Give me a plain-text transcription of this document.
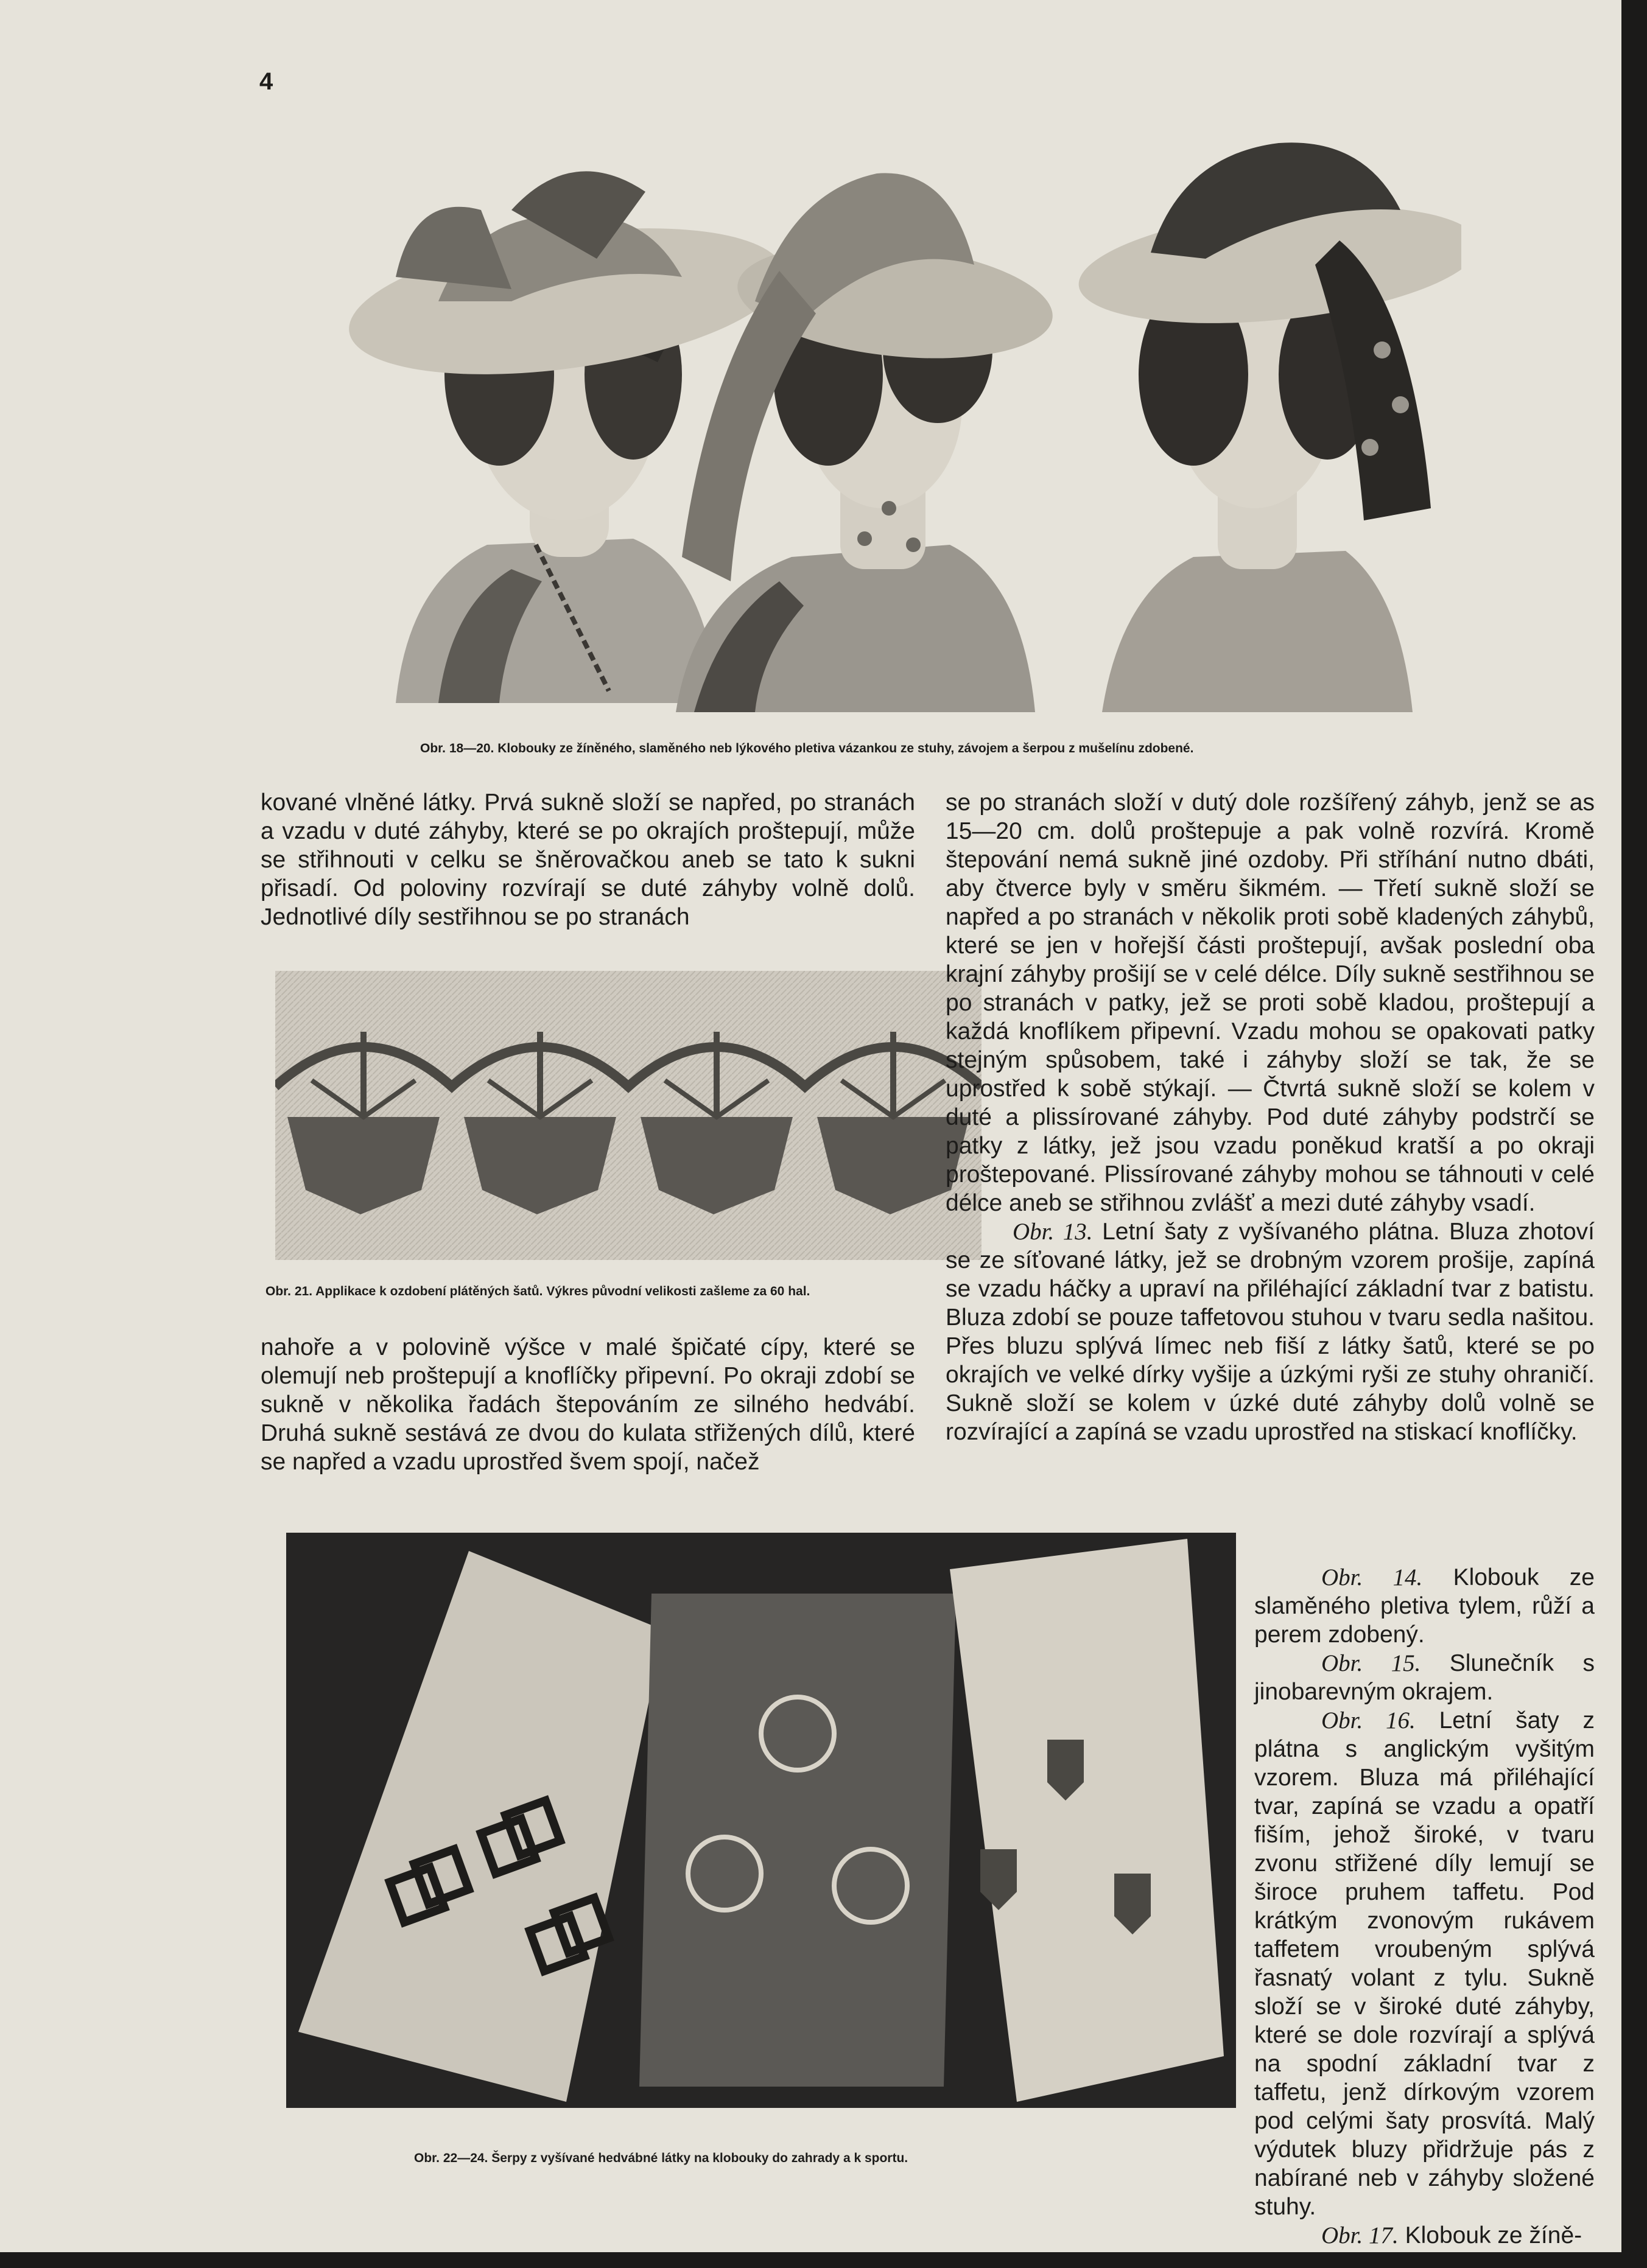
4
Obr. 18—20. Klobouky ze žíněného, slaměného neb lýkového pletiva vázankou ze stuhy, závojem a šerpou z mušelínu zdobené.

kované vlněné látky. Prvá sukně složí se napřed, po stranách a vzadu v duté záhyby, které se po okrajích proštepují, může se střihnouti v celku se šněrovačkou aneb se tato k sukni přisadí. Od poloviny rozvírají se duté záhyby volně dolů. Jednotlivé díly sestřihnou se po stranách

Obr. 21. Applikace k ozdobení plátěných šatů. Výkres původní velikosti zašleme za 60 hal.

nahoře a v polovině výšce v malé špičaté cípy, které se olemují neb proštepují a knoflíčky připevní. Po okraji zdobí se sukně v několika řadách štepováním ze silného hedvábí. Druhá sukně sestává ze dvou do kulata střižených dílů, které se napřed a vzadu uprostřed švem spojí, načež

Obr. 22—24. Šerpy z vyšívané hedvábné látky na klobouky do zahrady a k sportu.

se po stranách složí v dutý dole rozšířený záhyb, jenž se as 15—20 cm. dolů proštepuje a pak volně rozvírá. Kromě štepování nemá sukně jiné ozdoby. Při stříhání nutno dbáti, aby čtverce byly v směru šikmém. — Třetí sukně složí se napřed a po stranách v několik proti sobě kladených záhybů, které se jen v hořejší části proštepují, avšak poslední oba krajní záhyby prošijí se v celé délce. Díly sukně sestřihnou se po stranách v patky, jež se proti sobě kladou, proštepují a každá knoflíkem připevní. Vzadu mohou se opakovati patky stejným spůsobem, také i záhyby složí se tak, že se uprostřed k sobě stýkají. — Čtvrtá sukně složí se kolem v duté a plissírované záhyby. Pod duté záhyby podstrčí se patky z látky, jež jsou vzadu poněkud kratší a po okraji proštepované. Plissírované záhyby mohou se táhnouti v celé délce aneb se střihnou zvlášť a mezi duté záhyby vsadí.

Obr. 13. Letní šaty z vyšívaného plátna. Bluza zhotoví se ze síťované látky, jež se drobným vzorem prošije, zapíná se vzadu háčky a upraví na přiléhající základní tvar z batistu. Bluza zdobí se pouze taffetovou stuhou v tvaru sedla našitou. Přes bluzu splývá límec neb fiší z látky šatů, které se po okrajích ve velké dírky vyšije a úzkými ryši ze stuhy ohraničí. Sukně složí se kolem v úzké duté záhyby dolů volně se rozvírající a zapíná se vzadu uprostřed na stiskací knoflíčky.

Obr. 14. Klobouk ze slaměného pletiva tylem, růží a perem zdobený.

Obr. 15. Slunečník s jinobarevným okrajem.

Obr. 16. Letní šaty z plátna s anglickým vyšitým vzorem. Bluza má přiléhající tvar, zapíná se vzadu a opatří fiším, jehož široké, v tvaru zvonu střižené díly lemují se široce pruhem taffetu. Pod krátkým zvonovým rukávem taffetem vroubeným splývá řasnatý volant z tylu. Sukně složí se v široké duté záhyby, které se dole rozvírají a splývá na spodní základní tvar z taffetu, jenž dírkovým vzorem pod celými šaty prosvítá. Malý výdutek bluzy přidržuje pás z nabírané neb v záhyby složené stuhy.

Obr. 17. Klobouk ze žíně-
